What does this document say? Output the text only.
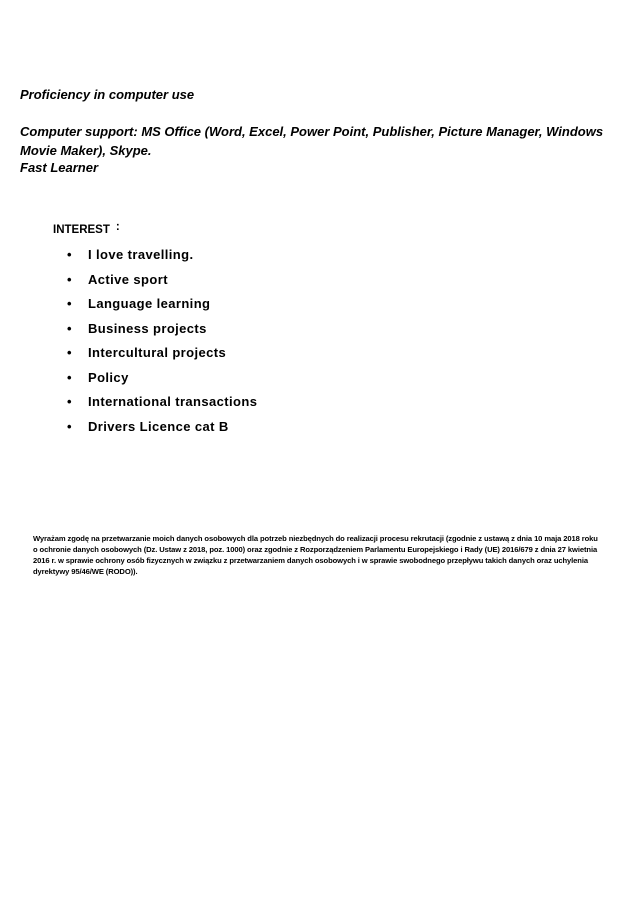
Proficiency in computer use
Computer support: MS Office (Word, Excel, Power Point, Publisher, Picture Manager, Windows Movie Maker), Skype.
Fast Learner
INTEREST :
• I love travelling.
• Active sport
• Language learning
• Business projects
• Intercultural projects
• Policy
• International transactions
• Drivers Licence cat B
Wyrażam zgodę na przetwarzanie moich danych osobowych dla potrzeb niezbędnych do realizacji procesu rekrutacji (zgodnie z ustawą z dnia 10 maja 2018 roku o ochronie danych osobowych (Dz. Ustaw z 2018, poz. 1000) oraz zgodnie z Rozporządzeniem Parlamentu Europejskiego i Rady (UE) 2016/679 z dnia 27 kwietnia 2016 r. w sprawie ochrony osób fizycznych w związku z przetwarzaniem danych osobowych i w sprawie swobodnego przepływu takich danych oraz uchylenia dyrektywy 95/46/WE (RODO)).
